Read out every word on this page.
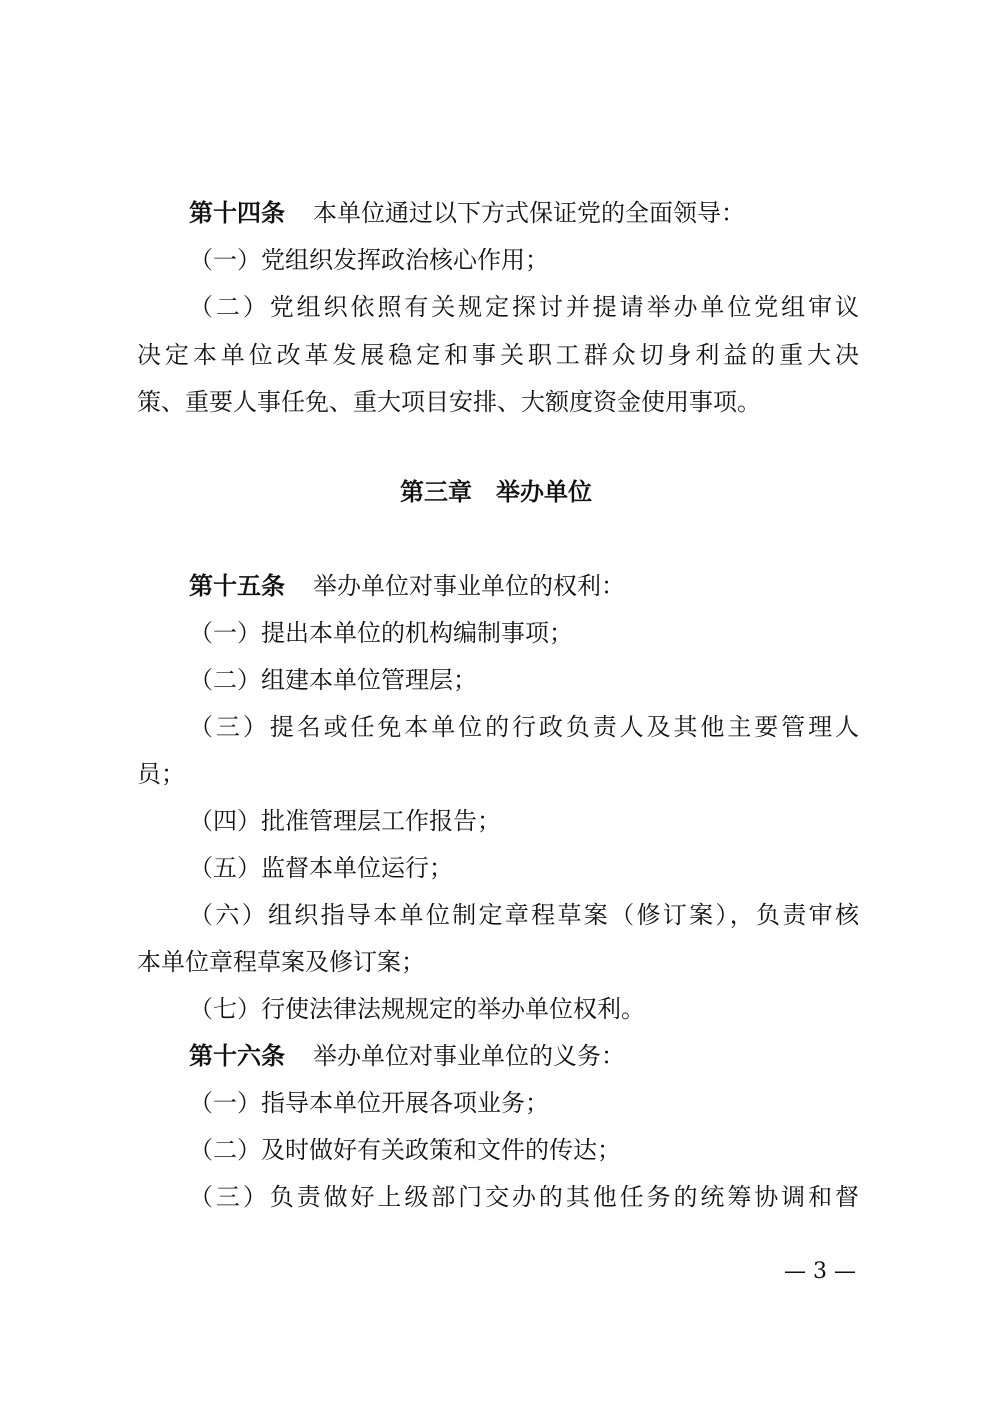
第十四条 本单位通过以下方式保证党的全面领导：
（一）党组织发挥政治核心作用；
（二）党组织依照有关规定探讨并提请举办单位党组审议
决定本单位改革发展稳定和事关职工群众切身利益的重大决
策、重要人事任免、重大项目安排、大额度资金使用事项。
第三章　举办单位
第十五条 举办单位对事业单位的权利：
（一）提出本单位的机构编制事项；
（二）组建本单位管理层；
（三）提名或任免本单位的行政负责人及其他主要管理人
员；
（四）批准管理层工作报告；
（五）监督本单位运行；
（六）组织指导本单位制定章程草案（修订案），负责审核
本单位章程草案及修订案；
（七）行使法律法规规定的举办单位权利。
第十六条 举办单位对事业单位的义务：
（一）指导本单位开展各项业务；
（二）及时做好有关政策和文件的传达；
（三）负责做好上级部门交办的其他任务的统筹协调和督
— 3 —
